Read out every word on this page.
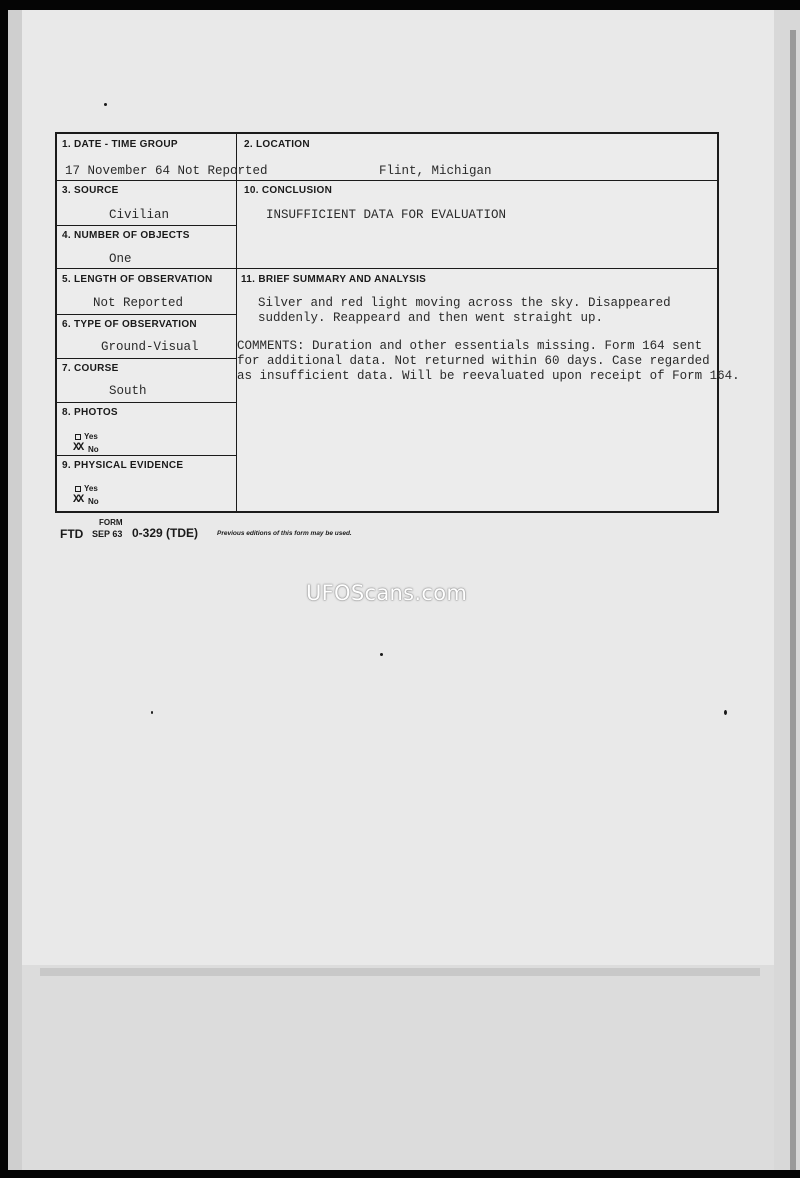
1. DATE - TIME GROUP
17 November 64 Not Reported
2. LOCATION
Flint, Michigan
3. SOURCE
Civilian
10. CONCLUSION
INSUFFICIENT DATA FOR EVALUATION
4. NUMBER OF OBJECTS
One
5. LENGTH OF OBSERVATION
Not Reported
11. BRIEF SUMMARY AND ANALYSIS
Silver and red light moving across the sky. Disappeared
suddenly. Reappeard and then went straight up.
COMMENTS: Duration and other essentials missing. Form 164 sent
for additional data. Not returned within 60 days. Case regarded
as insufficient data. Will be reevaluated upon receipt of Form 164.
6. TYPE OF OBSERVATION
Ground-Visual
7. COURSE
South
8. PHOTOS
Yes
XX No
9. PHYSICAL EVIDENCE
Yes
XX No
FORM
FTD SEP 63 0-329 (TDE)	Previous editions of this form may be used.
UFOScans.com
